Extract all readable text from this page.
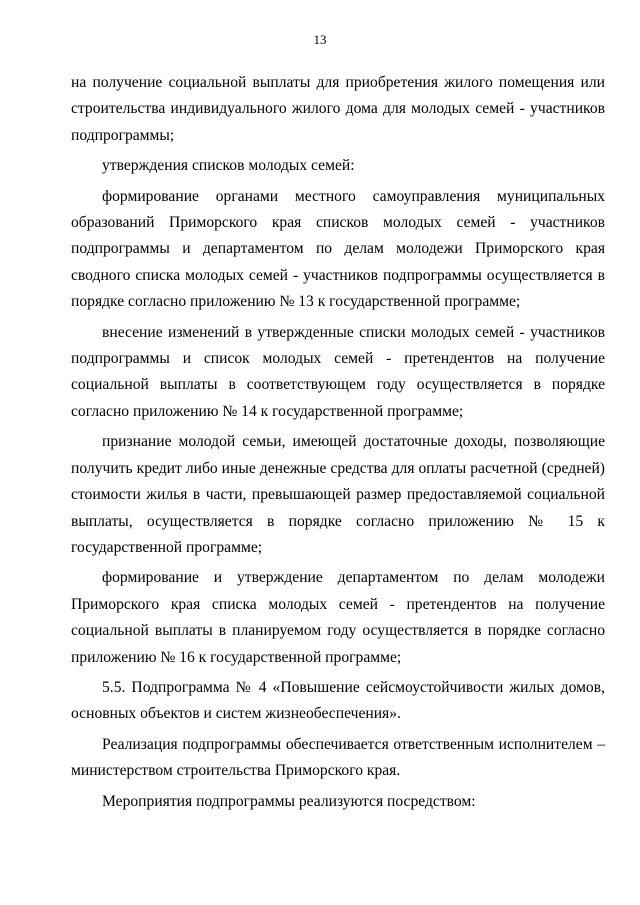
13

на получение социальной выплаты для приобретения жилого помещения или строительства индивидуального жилого дома для молодых семей - участников подпрограммы;

утверждения списков молодых семей:

формирование органами местного самоуправления муниципальных образований Приморского края списков молодых семей - участников подпрограммы и департаментом по делам молодежи Приморского края сводного списка молодых семей - участников подпрограммы осуществляется в порядке согласно приложению № 13 к государственной программе;

внесение изменений в утвержденные списки молодых семей - участников подпрограммы и список молодых семей - претендентов на получение социальной выплаты в соответствующем году осуществляется в порядке согласно приложению № 14 к государственной программе;

признание молодой семьи, имеющей достаточные доходы, позволяющие получить кредит либо иные денежные средства для оплаты расчетной (средней) стоимости жилья в части, превышающей размер предоставляемой социальной выплаты, осуществляется в порядке согласно приложению № 15 к государственной программе;

формирование и утверждение департаментом по делам молодежи Приморского края списка молодых семей - претендентов на получение социальной выплаты в планируемом году осуществляется в порядке согласно приложению № 16 к государственной программе;

5.5. Подпрограмма № 4 «Повышение сейсмоустойчивости жилых домов, основных объектов и систем жизнеобеспечения».

Реализация подпрограммы обеспечивается ответственным исполнителем – министерством строительства Приморского края.

Мероприятия подпрограммы реализуются посредством:
